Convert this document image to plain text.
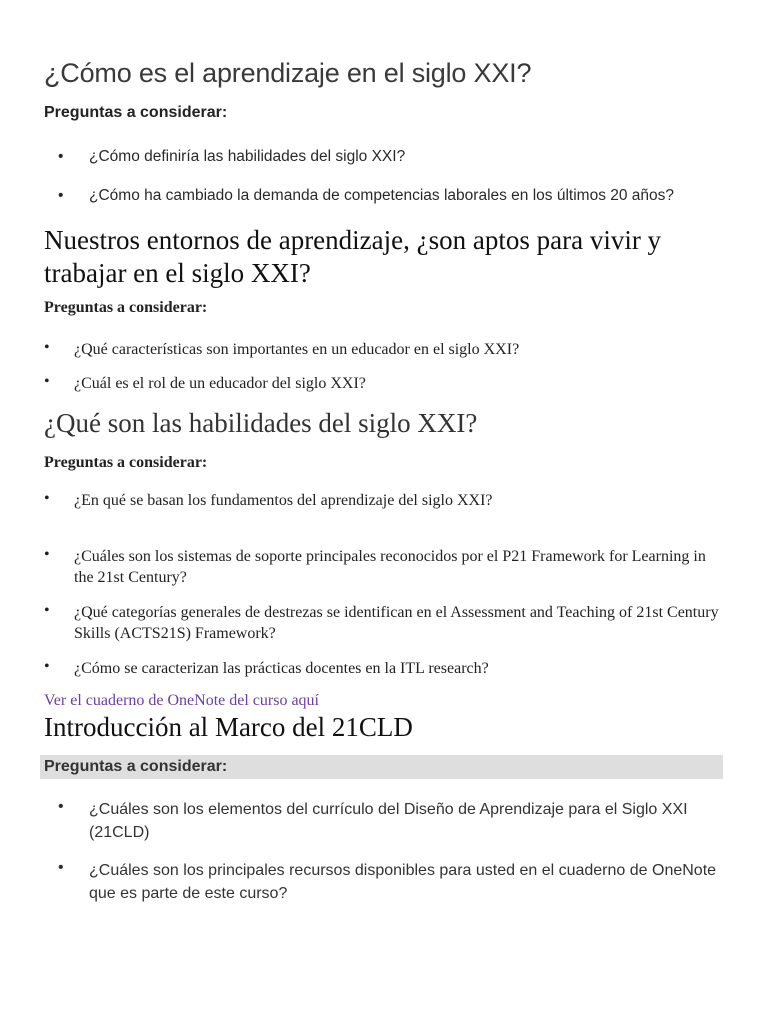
¿Cómo es el aprendizaje en el siglo XXI?
Preguntas a considerar:
• ¿Cómo definiría las habilidades del siglo XXI?
• ¿Cómo ha cambiado la demanda de competencias laborales en los últimos 20 años?
Nuestros entornos de aprendizaje, ¿son aptos para vivir y trabajar en el siglo XXI?
Preguntas a considerar:
• ¿Qué características son importantes en un educador en el siglo XXI?
• ¿Cuál es el rol de un educador del siglo XXI?
¿Qué son las habilidades del siglo XXI?
Preguntas a considerar:
• ¿En qué se basan los fundamentos del aprendizaje del siglo XXI?
• ¿Cuáles son los sistemas de soporte principales reconocidos por el P21 Framework for Learning in the 21st Century?
• ¿Qué categorías generales de destrezas se identifican en el Assessment and Teaching of 21st Century Skills (ACTS21S) Framework?
• ¿Cómo se caracterizan las prácticas docentes en la ITL research?
Ver el cuaderno de OneNote del curso aquí
Introducción al Marco del 21CLD
Preguntas a considerar:
• ¿Cuáles son los elementos del currículo del Diseño de Aprendizaje para el Siglo XXI (21CLD)
• ¿Cuáles son los principales recursos disponibles para usted en el cuaderno de OneNote que es parte de este curso?
